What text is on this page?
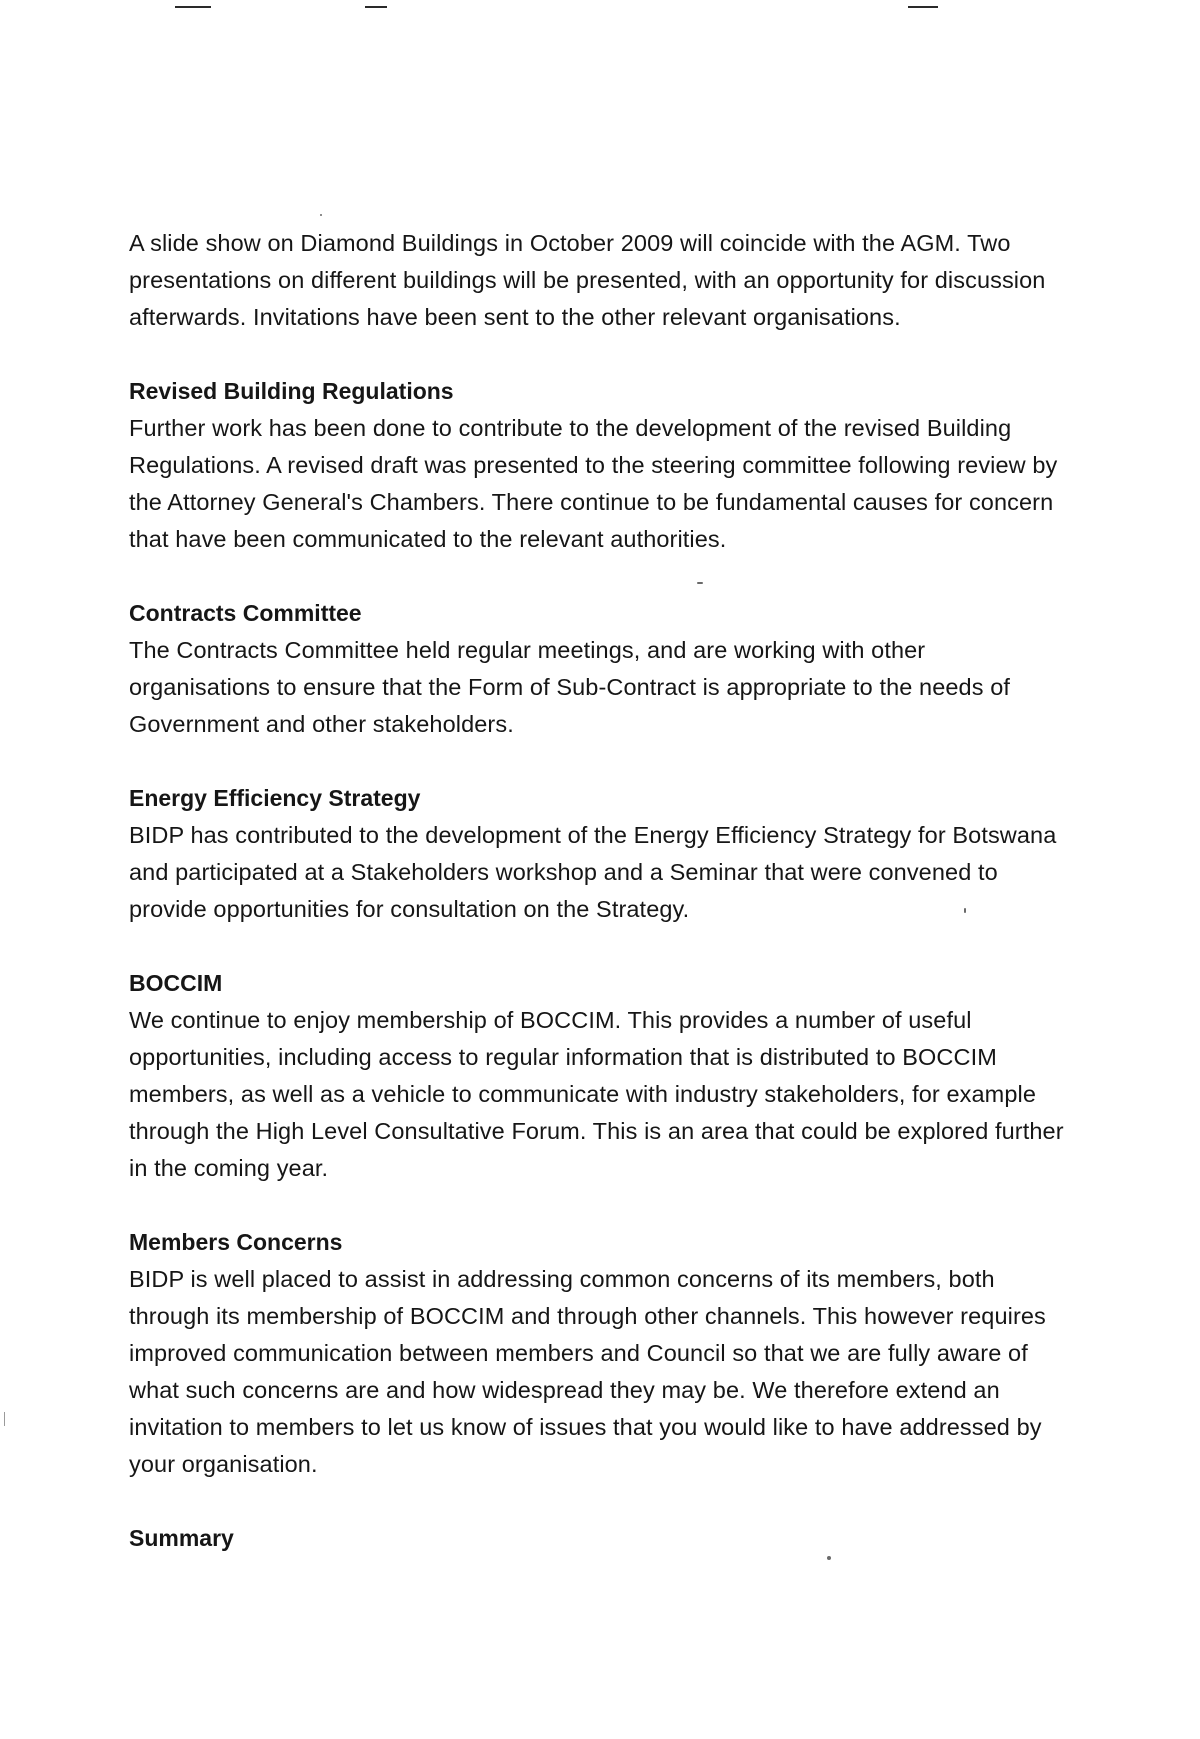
A slide show on Diamond Buildings in October 2009 will coincide with the AGM. Two
presentations on different buildings will be presented, with an opportunity for discussion
afterwards. Invitations have been sent to the other relevant organisations.

Revised Building Regulations

Further work has been done to contribute to the development of the revised Building
Regulations. A revised draft was presented to the steering committee following review by
the Attorney General's Chambers. There continue to be fundamental causes for concern
that have been communicated to the relevant authorities.

Contracts Committee

The Contracts Committee held regular meetings, and are working with other
organisations to ensure that the Form of Sub-Contract is appropriate to the needs of
Government and other stakeholders.

Energy Efficiency Strategy

BIDP has contributed to the development of the Energy Efficiency Strategy for Botswana
and participated at a Stakeholders workshop and a Seminar that were convened to
provide opportunities for consultation on the Strategy.

BOCCIM

We continue to enjoy membership of BOCCIM. This provides a number of useful
opportunities, including access to regular information that is distributed to BOCCIM
members, as well as a vehicle to communicate with industry stakeholders, for example
through the High Level Consultative Forum. This is an area that could be explored further
in the coming year.

Members Concerns

BIDP is well placed to assist in addressing common concerns of its members, both
through its membership of BOCCIM and through other channels. This however requires
improved communication between members and Council so that we are fully aware of
what such concerns are and how widespread they may be. We therefore extend an
invitation to members to let us know of issues that you would like to have addressed by
your organisation.

Summary
